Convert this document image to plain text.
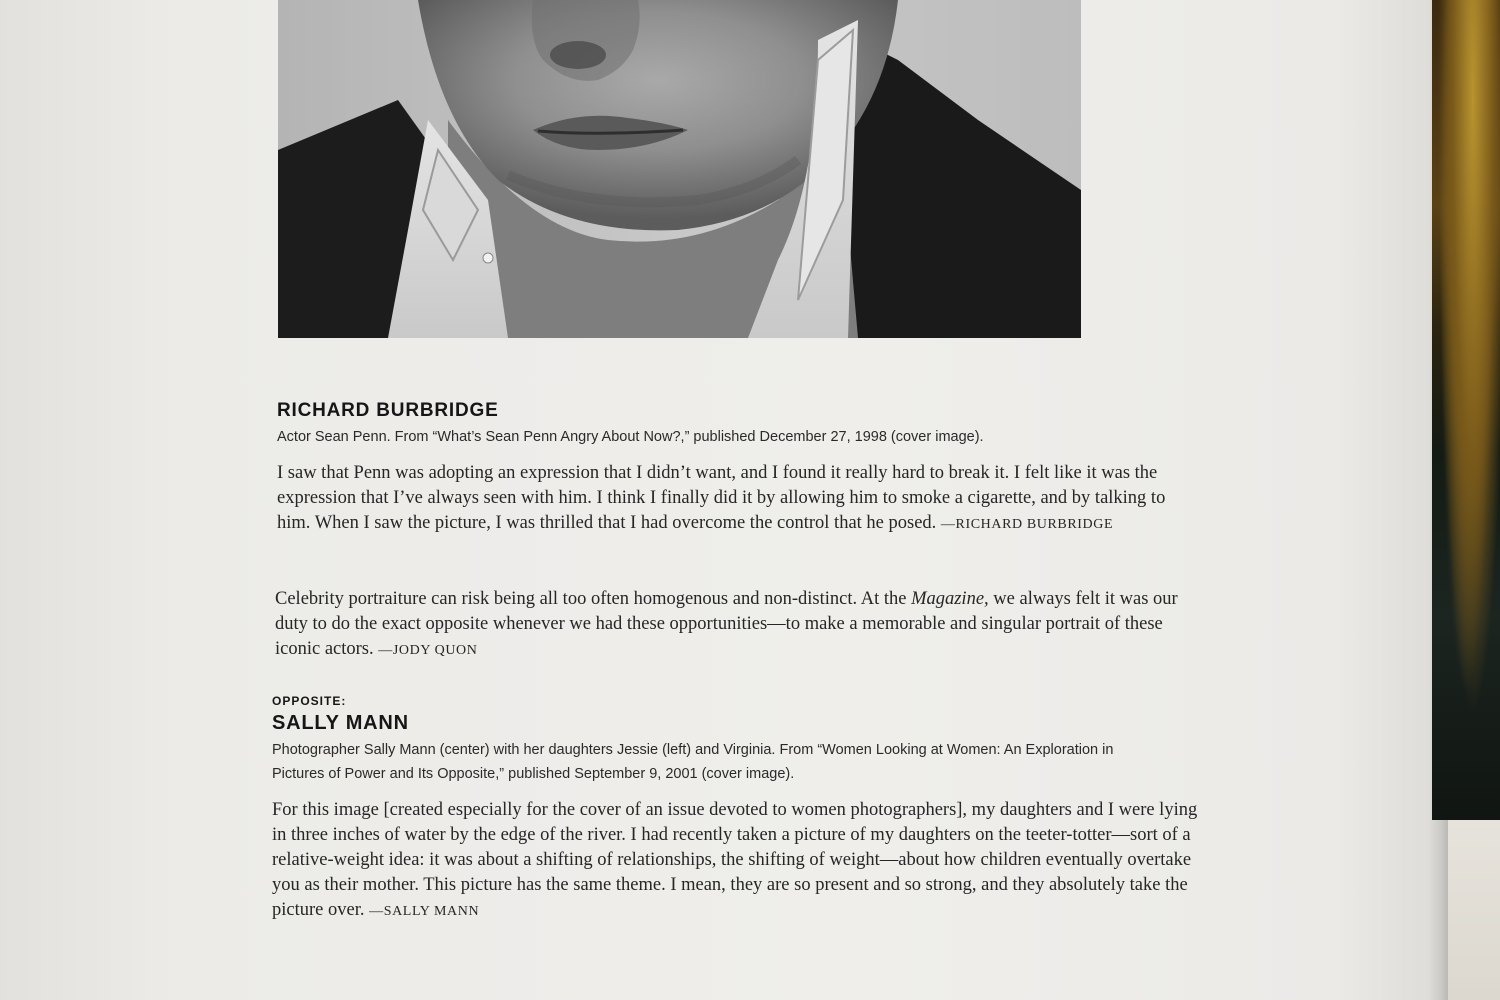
RICHARD BURBRIDGE
Actor Sean Penn. From “What’s Sean Penn Angry About Now?,” published December 27, 1998 (cover image).

I saw that Penn was adopting an expression that I didn’t want, and I found it really hard to break it. I felt like it was the expression that I’ve always seen with him. I think I finally did it by allowing him to smoke a cigarette, and by talking to him. When I saw the picture, I was thrilled that I had overcome the control that he posed. —RICHARD BURBRIDGE

Celebrity portraiture can risk being all too often homogenous and non-distinct. At the Magazine, we always felt it was our duty to do the exact opposite whenever we had these opportunities—to make a memorable and singular portrait of these iconic actors. —JODY QUON

OPPOSITE:
SALLY MANN
Photographer Sally Mann (center) with her daughters Jessie (left) and Virginia. From “Women Looking at Women: An Exploration in Pictures of Power and Its Opposite,” published September 9, 2001 (cover image).

For this image [created especially for the cover of an issue devoted to women photographers], my daughters and I were lying in three inches of water by the edge of the river. I had recently taken a picture of my daughters on the teeter-totter—sort of a relative-weight idea: it was about a shifting of relationships, the shifting of weight—about how children eventually overtake you as their mother. This picture has the same theme. I mean, they are so present and so strong, and they absolutely take the picture over. —SALLY MANN
